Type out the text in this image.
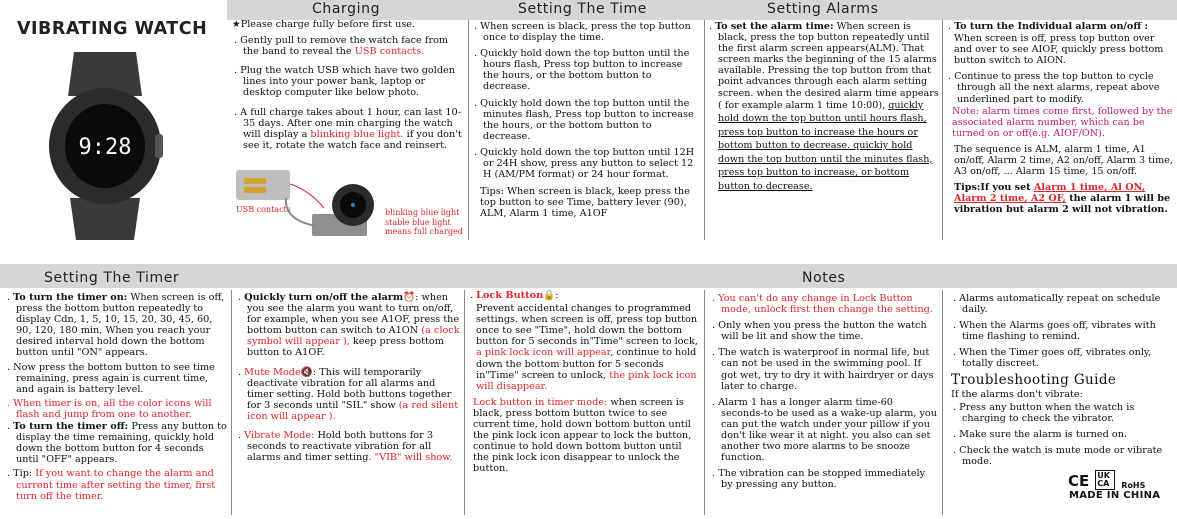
Charging	Setting The Time	Setting Alarms
VIBRATING WATCH
9:28
USB contacts	blinking blue light stable blue light means full charged

★Please charge fully before first use.

. Gently pull to remove the watch face from the band to reveal the USB contacts.

. Plug the watch USB which have two golden lines into your power bank, laptop or desktop computer like below photo.

. A full charge takes about 1 hour, can last 10-35 days. After one min charging the watch will display a blinking blue light. if you don't see it, rotate the watch face and reinsert.

. When screen is black, press the top button once to display the time.

. Quickly hold down the top button until the hours flash, Press top button to increase the hours, or the bottom button to decrease.

. Quickly hold down the top button until the minutes flash, Press top button to increase the hours, or the bottom button to decrease.

. Quickly hold down the top button until 12H or 24H show, press any button to select 12 H (AM/PM format) or 24 hour format.

Tips: When screen is black, keep press the top button to see Time, battery lever (90), ALM, Alarm 1 time, A1OF

. To set the alarm time: When screen is black, press the top button repeatedly until the first alarm screen appears(ALM). That screen marks the beginning of the 15 alarms available. Pressing the top button from that point advances through each alarm setting screen. when the desired alarm time appears ( for example alarm 1 time 10:00), quickly hold down the top button until hours flash, press top button to increase the hours or bottom button to decrease. quickiy hold down the top button until the minutes flash, press top button to increase, or bottom button to decrease.

. To turn the Individual alarm on/off :

When screen is off, press top button over and over to see AIOF, quickly press bottom button switch to AION.

. Continue to press the top button to cycle through all the next alarms, repeat above underlined part to modify.

Note: alarm times come first, followed by the associated alarm number, which can be turned on or off(e.g. AIOF/ON).

The sequence is ALM, alarm 1 time, A1 on/off, Alarm 2 time, A2 on/off, Alarm 3 time, A3 on/off, ... Alarm 15 time, 15 on/off.

Tips:If you set Alarm 1 time, Al ON, Alarm 2 time, A2 OF, the alarm 1 will be vibration but alarm 2 will not vibration.

Setting The Timer	Notes

. To turn the timer on: When screen is off, press the bottom button repeatedly to display Cdn, 1, 5, 10, 15, 20, 30, 45, 60, 90, 120, 180 min, When you reach your desired interval hold down the bottom button until "ON" appears.

. Now press the bottom button to see time remaining, press again is current time, and again is battery level.

. When timer is on, all the color icons will flash and jump from one to another.

. To turn the timer off: Press any button to display the time remaining, quickly hold down the bottom button for 4 seconds until "OFF" appears.

. Tip: If you want to change the alarm and current time after setting the timer, first turn off the timer.

. Quickly turn on/off the alarm⏰: when you see the alarm you want to turn on/off, for example, when you see A1OF, press the bottom button can switch to A1ON (a clock symbol will appear ), keep press bottom button to A1OF.

. Mute Mode🔇: This will temporarily deactivate vibration for all alarms and timer setting. Hold both buttons together for 3 seconds until "SIL" show (a red silent icon will appear ).

. Vibrate Mode: Hold both buttons for 3 seconds to reactivate vibration for all alarms and timer setting. "VIB" will show.

. Lock Button🔒:

Prevent accidental changes to programmed settings. when screen is off, press top button once to see "Time", hold down the bottom button for 5 seconds in"Time" screen to lock, a pink lock icon will appear, continue to hold down the bottom button for 5 seconds in"Time" screen to unlock, the pink lock icon will disappear.

Lock button in timer mode: when screen is black, press bottom button twice to see current time, hold down bottom button until the pink lock icon appear to lock the button, continue to hold down bottom button until the pink lock icon disappear to unlock the button.

. You can't do any change in Lock Button mode, unlock first then change the setting.

. Only when you press the button the watch will be lit and show the time.

. The watch is waterproof in normal life, but can not be used in the swimming pool. If got wet, try to dry it with hairdryer or days later to charge.

. Alarm 1 has a longer alarm time-60 seconds-to be used as a wake-up alarm, you can put the watch under your pillow if you don't like wear it at night. you also can set another two more alarms to be snooze function.

. The vibration can be stopped immediately by pressing any button.

. Alarms automatically repeat on schedule daily.

. When the Alarms goes off, vibrates with time flashing to remind.

. When the Timer goes off, vibrates only, totally discreet.

Troubleshooting Guide

If the alarms don't vibrate:

. Press any button when the watch is charging to check the vibrator.

. Make sure the alarm is turned on.

. Check the watch is mute mode or vibrate mode.

CE UK CA	RoHS
MADE IN CHINA
